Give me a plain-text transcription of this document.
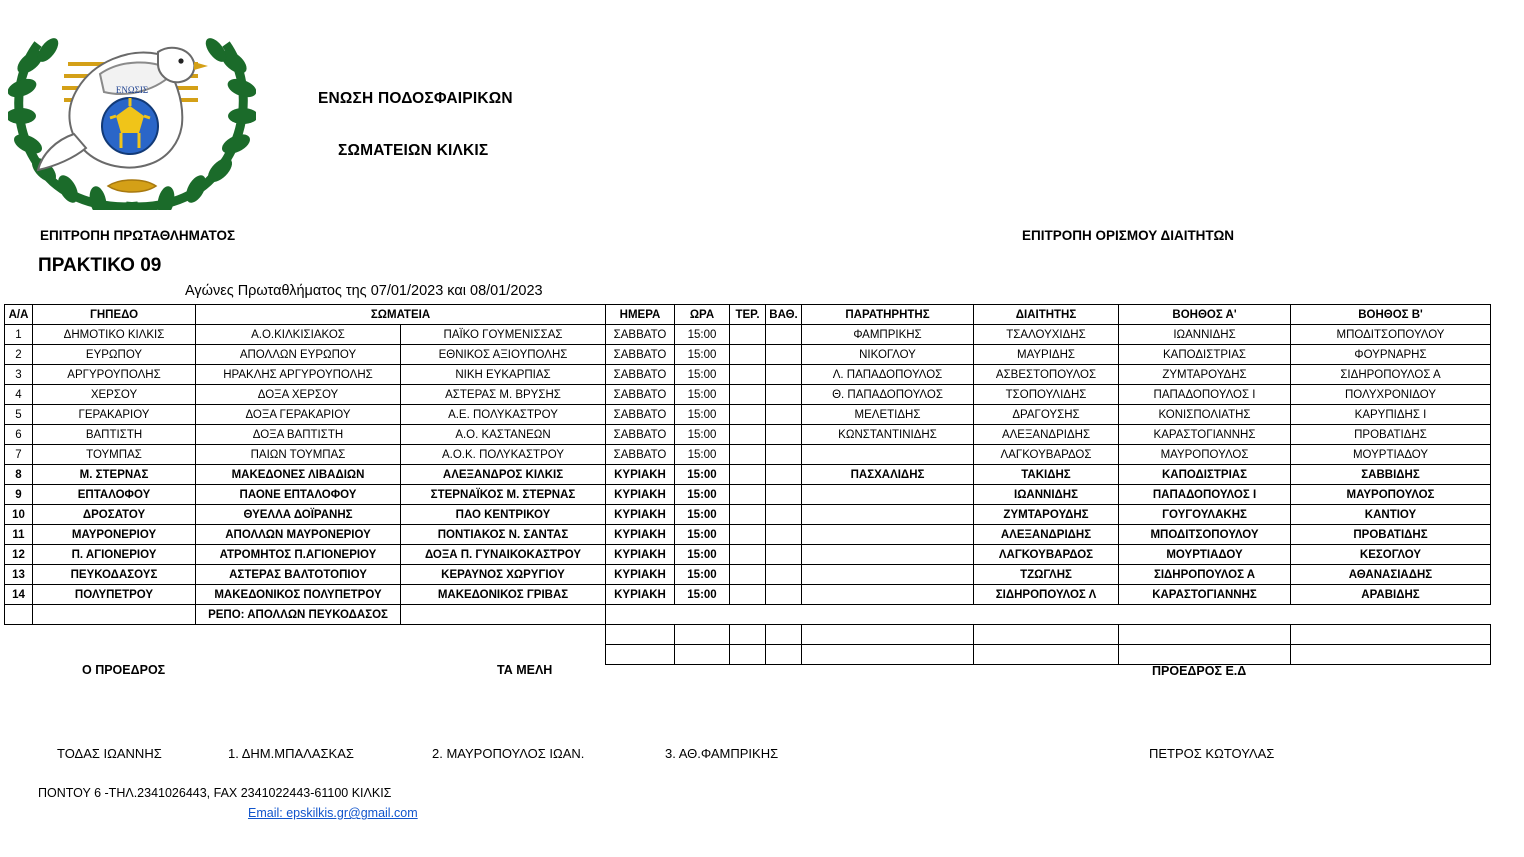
ΕΝΩΣΙΣ	ΕΝΩΣΗ ΠΟΔΟΣΦΑΙΡΙΚΩΝ
ΣΩΜΑΤΕΙΩΝ ΚΙΛΚΙΣ
ΕΠΙΤΡΟΠΗ ΠΡΩΤΑΘΛΗΜΑΤΟΣ	ΕΠΙΤΡΟΠΗ ΟΡΙΣΜΟΥ ΔΙΑΙΤΗΤΩΝ
ΠΡΑΚΤΙΚΟ 09
Αγώνες Πρωταθλήματος της 07/01/2023 και 08/01/2023
Α/Α	ΓΗΠΕΔΟ	ΣΩΜΑΤΕΙΑ		ΗΜΕΡΑ	ΩΡΑ	ΤΕΡ.	ΒΑΘ.	ΠΑΡΑΤΗΡΗΤΗΣ	ΔΙΑΙΤΗΤΗΣ	ΒΟΗΘΟΣ Α'	ΒΟΗΘΟΣ Β'
1	ΔΗΜΟΤΙΚΟ ΚΙΛΚΙΣ	Α.Ο.ΚΙΛΚΙΣΙΑΚΟΣ	ΠΑΪΚΟ ΓΟΥΜΕΝΙΣΣΑΣ	ΣΑΒΒΑΤΟ	15:00			ΦΑΜΠΡΙΚΗΣ	ΤΣΑΛΟΥΧΙΔΗΣ	ΙΩΑΝΝΙΔΗΣ	ΜΠΟΔΙΤΣΟΠΟΥΛΟΥ
2	ΕΥΡΩΠΟΥ	ΑΠΟΛΛΩΝ ΕΥΡΩΠΟΥ	ΕΘΝΙΚΟΣ ΑΞΙΟΥΠΟΛΗΣ	ΣΑΒΒΑΤΟ	15:00			ΝΙΚΟΓΛΟΥ	ΜΑΥΡΙΔΗΣ	ΚΑΠΟΔΙΣΤΡΙΑΣ	ΦΟΥΡΝΑΡΗΣ
3	ΑΡΓΥΡΟΥΠΟΛΗΣ	ΗΡΑΚΛΗΣ ΑΡΓΥΡΟΥΠΟΛΗΣ	ΝΙΚΗ ΕΥΚΑΡΠΙΑΣ	ΣΑΒΒΑΤΟ	15:00			Λ. ΠΑΠΑΔΟΠΟΥΛΟΣ	ΑΣΒΕΣΤΟΠΟΥΛΟΣ	ΖΥΜΤΑΡΟΥΔΗΣ	ΣΙΔΗΡΟΠΟΥΛΟΣ Α
4	ΧΕΡΣΟΥ	ΔΟΞΑ ΧΕΡΣΟΥ	ΑΣΤΕΡΑΣ Μ. ΒΡΥΣΗΣ	ΣΑΒΒΑΤΟ	15:00			Θ. ΠΑΠΑΔΟΠΟΥΛΟΣ	ΤΣΟΠΟΥΛΙΔΗΣ	ΠΑΠΑΔΟΠΟΥΛΟΣ Ι	ΠΟΛΥΧΡΟΝΙΔΟΥ
5	ΓΕΡΑΚΑΡΙΟΥ	ΔΟΞΑ ΓΕΡΑΚΑΡΙΟΥ	Α.Ε. ΠΟΛΥΚΑΣΤΡΟΥ	ΣΑΒΒΑΤΟ	15:00			ΜΕΛΕΤΙΔΗΣ	ΔΡΑΓΟΥΣΗΣ	ΚΟΝΙΣΠΟΛΙΑΤΗΣ	ΚΑΡΥΠΙΔΗΣ Ι
6	ΒΑΠΤΙΣΤΗ	ΔΟΞΑ ΒΑΠΤΙΣΤΗ	Α.Ο. ΚΑΣΤΑΝΕΩΝ	ΣΑΒΒΑΤΟ	15:00			ΚΩΝΣΤΑΝΤΙΝΙΔΗΣ	ΑΛΕΞΑΝΔΡΙΔΗΣ	ΚΑΡΑΣΤΟΓΙΑΝΝΗΣ	ΠΡΟΒΑΤΙΔΗΣ
7	ΤΟΥΜΠΑΣ	ΠΑΙΩΝ ΤΟΥΜΠΑΣ	Α.Ο.Κ. ΠΟΛΥΚΑΣΤΡΟΥ	ΣΑΒΒΑΤΟ	15:00				ΛΑΓΚΟΥΒΑΡΔΟΣ	ΜΑΥΡΟΠΟΥΛΟΣ	ΜΟΥΡΤΙΑΔΟΥ
8	Μ. ΣΤΕΡΝΑΣ	ΜΑΚΕΔΟΝΕΣ ΛΙΒΑΔΙΩΝ	ΑΛΕΞΑΝΔΡΟΣ ΚΙΛΚΙΣ	ΚΥΡΙΑΚΗ	15:00			ΠΑΣΧΑΛΙΔΗΣ	ΤΑΚΙΔΗΣ	ΚΑΠΟΔΙΣΤΡΙΑΣ	ΣΑΒΒΙΔΗΣ
9	ΕΠΤΑΛΟΦΟΥ	ΠΑΟΝΕ ΕΠΤΑΛΟΦΟΥ	ΣΤΕΡΝΑΪΚΟΣ Μ. ΣΤΕΡΝΑΣ	ΚΥΡΙΑΚΗ	15:00				ΙΩΑΝΝΙΔΗΣ	ΠΑΠΑΔΟΠΟΥΛΟΣ Ι	ΜΑΥΡΟΠΟΥΛΟΣ
10	ΔΡΟΣΑΤΟΥ	ΘΥΕΛΛΑ ΔΟΪΡΑΝΗΣ	ΠΑΟ ΚΕΝΤΡΙΚΟΥ	ΚΥΡΙΑΚΗ	15:00				ΖΥΜΤΑΡΟΥΔΗΣ	ΓΟΥΓΟΥΛΑΚΗΣ	ΚΑΝΤΙΟΥ
11	ΜΑΥΡΟΝΕΡΙΟΥ	ΑΠΟΛΛΩΝ ΜΑΥΡΟΝΕΡΙΟΥ	ΠΟΝΤΙΑΚΟΣ Ν. ΣΑΝΤΑΣ	ΚΥΡΙΑΚΗ	15:00				ΑΛΕΞΑΝΔΡΙΔΗΣ	ΜΠΟΔΙΤΣΟΠΟΥΛΟΥ	ΠΡΟΒΑΤΙΔΗΣ
12	Π. ΑΓΙΟΝΕΡΙΟΥ	ΑΤΡΟΜΗΤΟΣ Π.ΑΓΙΟΝΕΡΙΟΥ	ΔΟΞΑ Π. ΓΥΝΑΙΚΟΚΑΣΤΡΟΥ	ΚΥΡΙΑΚΗ	15:00				ΛΑΓΚΟΥΒΑΡΔΟΣ	ΜΟΥΡΤΙΑΔΟΥ	ΚΕΣΟΓΛΟΥ
13	ΠΕΥΚΟΔΑΣΟΥΣ	ΑΣΤΕΡΑΣ ΒΑΛΤΟΤΟΠΙΟΥ	ΚΕΡΑΥΝΟΣ ΧΩΡΥΓΙΟΥ	ΚΥΡΙΑΚΗ	15:00				ΤΖΩΓΛΗΣ	ΣΙΔΗΡΟΠΟΥΛΟΣ Α	ΑΘΑΝΑΣΙΑΔΗΣ
14	ΠΟΛΥΠΕΤΡΟΥ	ΜΑΚΕΔΟΝΙΚΟΣ ΠΟΛΥΠΕΤΡΟΥ	ΜΑΚΕΔΟΝΙΚΟΣ ΓΡΙΒΑΣ	ΚΥΡΙΑΚΗ	15:00				ΣΙΔΗΡΟΠΟΥΛΟΣ Λ	ΚΑΡΑΣΤΟΓΙΑΝΝΗΣ	ΑΡΑΒΙΔΗΣ
		ΡΕΠΟ: ΑΠΟΛΛΩΝ ΠΕΥΚΟΔΑΣΟΣ									

Ο ΠΡΟΕΔΡΟΣ	ΤΑ ΜΕΛΗ	ΠΡΟΕΔΡΟΣ Ε.Δ
ΤΟΔΑΣ ΙΩΑΝΝΗΣ	1. ΔΗΜ.ΜΠΑΛΑΣΚΑΣ	2. ΜΑΥΡΟΠΟΥΛΟΣ ΙΩΑΝ.	3. ΑΘ.ΦΑΜΠΡΙΚΗΣ	ΠΕΤΡΟΣ ΚΩΤΟΥΛΑΣ
ΠΟΝΤΟΥ 6 -ΤΗΛ.2341026443, FAX 2341022443-61100 ΚΙΛΚΙΣ
Email: epskilkis.gr@gmail.com
